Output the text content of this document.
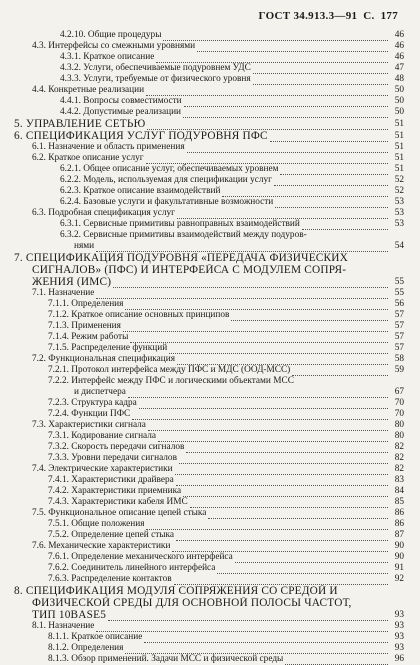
ГОСТ 34.913.3—91 С. 177
4.2.10. Общие процедуры	46
4.3. Интерфейсы со смежными уровнями	46
4.3.1. Краткое описание	46
4.3.2. Услуги, обеспечиваемые подуровнем УДС	47
4.3.3. Услуги, требуемые от физического уровня	48
4.4. Конкретные реализации	50
4.4.1. Вопросы совместимости	50
4.4.2. Допустимые реализации	50
5. УПРАВЛЕНИЕ СЕТЬЮ	51
6. СПЕЦИФИКАЦИЯ УСЛУГ ПОДУРОВНЯ ПФС	51
6.1. Назначение и область применения	51
6.2. Краткое описание услуг	51
6.2.1. Общее описание услуг, обеспечиваемых уровнем	51
6.2.2. Модель, используемая для спецификации услуг	52
6.2.3. Краткое описание взаимодействий	52
6.2.4. Базовые услуги и факультативные возможности	53
6.3. Подробная спецификация услуг	53
6.3.1. Сервисные примитивы равноправных взаимодействий	53
6.3.2. Сервисные примитивы взаимодействий между подуров-
нями	54
7. СПЕЦИФИКАЦИЯ ПОДУРОВНЯ «ПЕРЕДАЧА ФИЗИЧЕСКИХ
СИГНАЛОВ» (ПФС) И ИНТЕРФЕЙСА С МОДУЛЕМ СОПРЯ-
ЖЕНИЯ (ИМС)	55
7.1. Назначение	55
7.1.1. Определения	56
7.1.2. Краткое описание основных принципов	57
7.1.3. Применения	57
7.1.4. Режим работы	57
7.1.5. Распределение функций	57
7.2. Функциональная спецификация	58
7.2.1. Протокол интерфейса между ПФС и МДС (ООД-МСС)	59
7.2.2. Интерфейс между ПФС и логическими объектами МСС
и диспетчера	67
7.2.3. Структура кадра	70
7.2.4. Функции ПФС	70
7.3. Характеристики сигнала	80
7.3.1. Кодирование сигнала	80
7.3.2. Скорость передачи сигналов	82
7.3.3. Уровни передачи сигналов	82
7.4. Электрические характеристики	82
7.4.1. Характеристики драйвера	83
7.4.2. Характеристики приемника	84
7.4.3. Характеристики кабеля ИМС	85
7.5. Функциональное описание цепей стыка	86
7.5.1. Общие положения	86
7.5.2. Определение цепей стыка	87
7.6. Механические характеристики	90
7.6.1. Определение механического интерфейса	90
7.6.2. Соединитель линейного интерфейса	91
7.6.3. Распределение контактов	92
8. СПЕЦИФИКАЦИЯ МОДУЛЯ СОПРЯЖЕНИЯ СО СРЕДОЙ И
ФИЗИЧЕСКОЙ СРЕДЫ ДЛЯ ОСНОВНОЙ ПОЛОСЫ ЧАСТОТ,
ТИП 10BASE5	93
8.1. Назначение	93
8.1.1. Краткое описание	93
8.1.2. Определения	93
8.1.3. Обзор применений. Задачи МСС и физической среды	96
